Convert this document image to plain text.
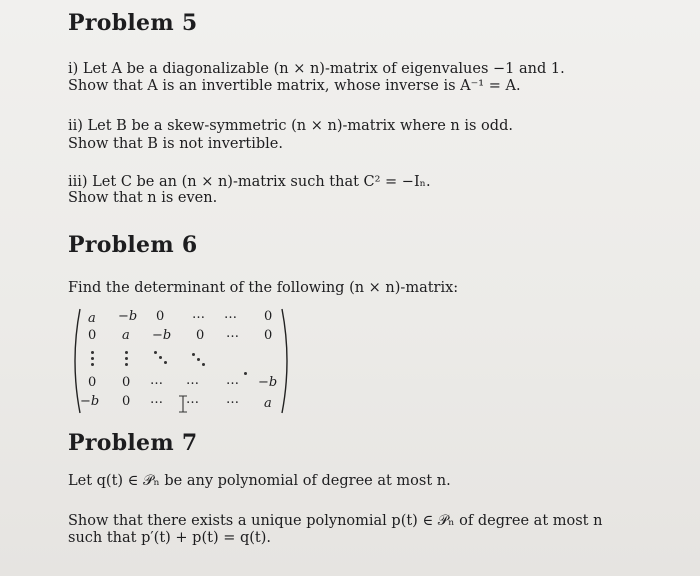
Problem 5
i) Let A be a diagonalizable (n × n)-matrix of eigenvalues −1 and 1.
Show that A is an invertible matrix, whose inverse is A⁻¹ = A.
ii) Let B be a skew-symmetric (n × n)-matrix where n is odd.
Show that B is not invertible.
iii) Let C be an (n × n)-matrix such that C² = −Iₙ.
Show that n is even.
Problem 6
Find the determinant of the following (n × n)-matrix:
a −b 0 … … 0
0 a −b 0 … 0
0 0 … … … −b
−b 0 … … … a
Problem 7
Let q(t) ∈ 𝒫ₙ be any polynomial of degree at most n.
Show that there exists a unique polynomial p(t) ∈ 𝒫ₙ of degree at most n
such that p′(t) + p(t) = q(t).
